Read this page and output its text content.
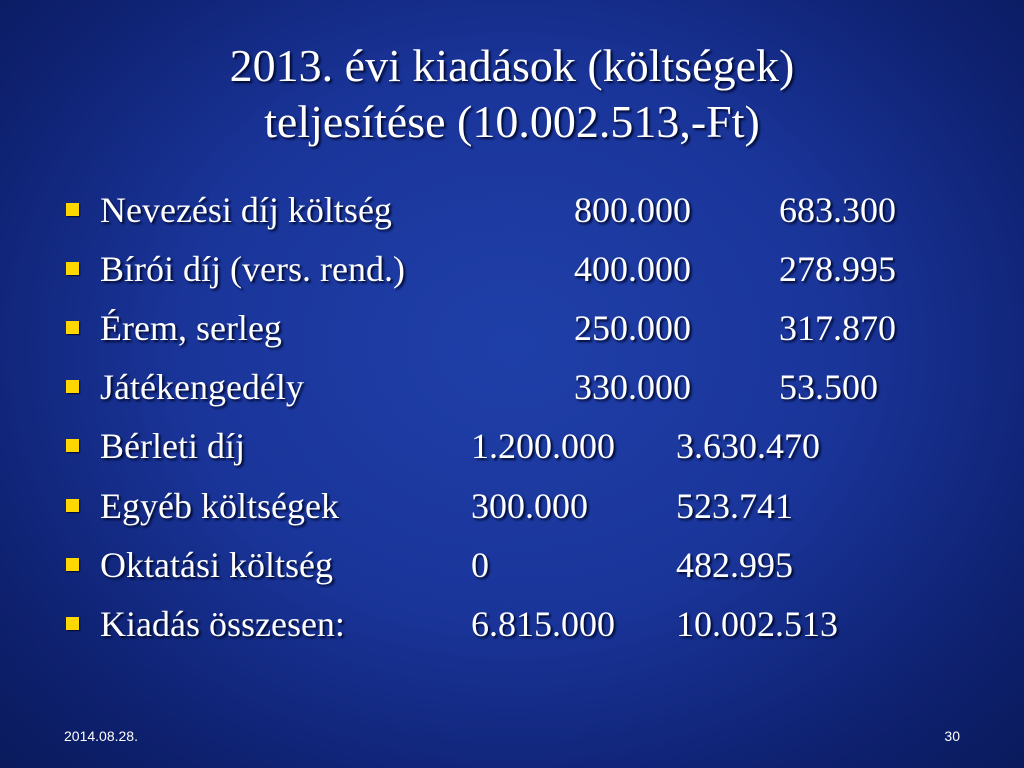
2013. évi kiadások (költségek)
teljesítése (10.002.513,-Ft)
Nevezési díj költség	800.000 683.300
Bírói díj (vers. rend.)	400.000 278.995
Érem, serleg	250.000 317.870
Játékengedély	330.000 53.500
Bérleti díj	1.200.000 3.630.470
Egyéb költségek	300.000 523.741
Oktatási költség	0	482.995
Kiadás összesen:	6.815.000 10.002.513
2014.08.28.	30
